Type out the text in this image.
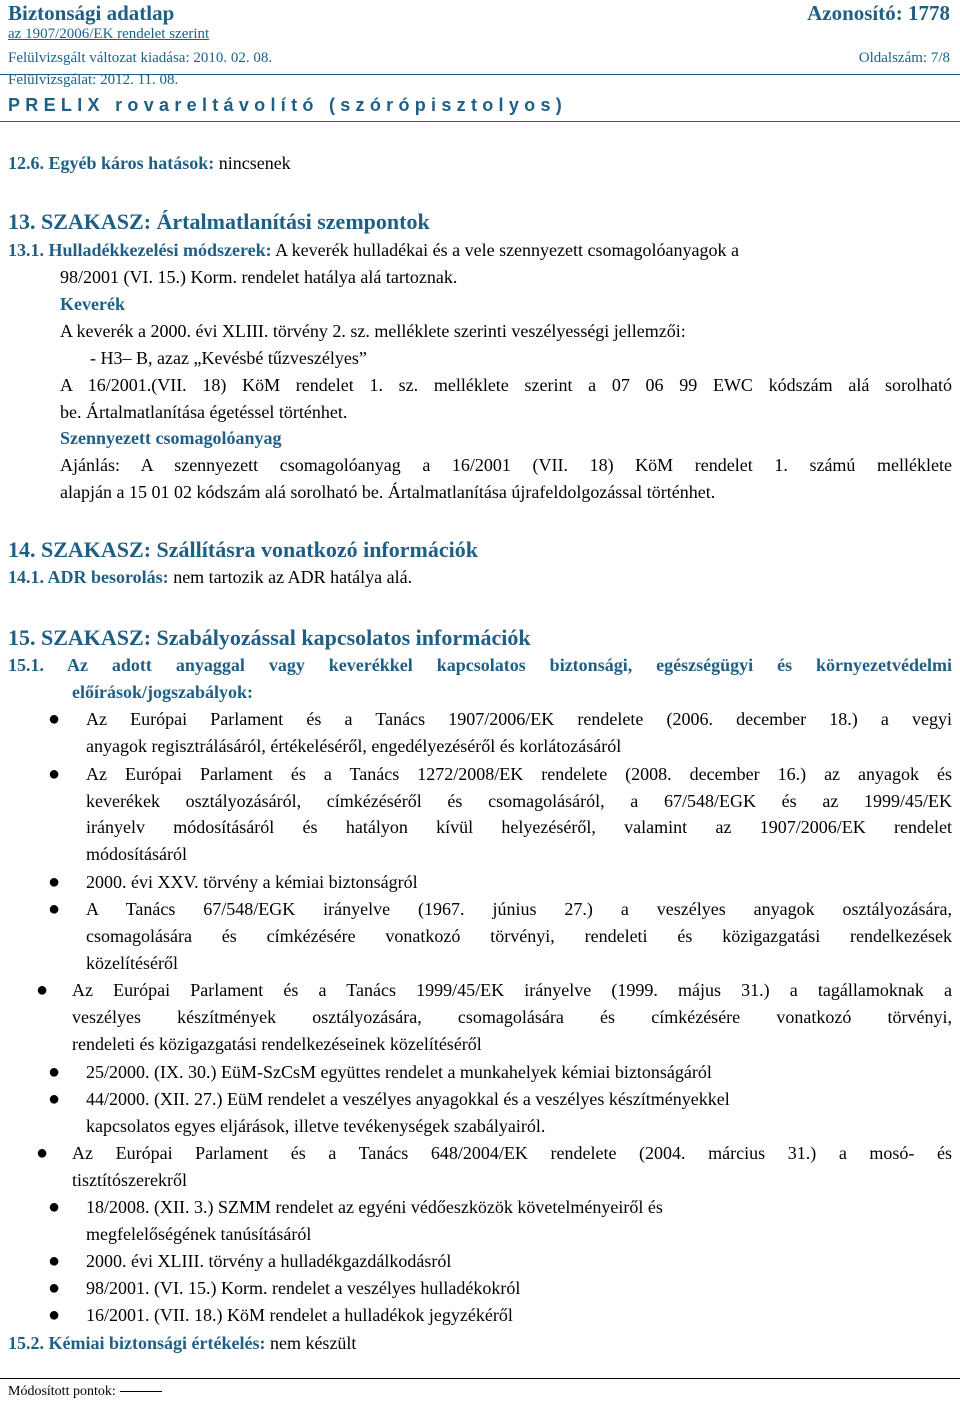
Biztonsági adatlap	Azonosító: 1778
az 1907/2006/EK rendelet szerint
Felülvizsgált változat kiadása: 2010. 02. 08.	Oldalszám: 7/8
Felülvizsgálat: 2012. 11. 08.
PRELIX rovareltávolító (szórópisztolyos)
12.6. Egyéb káros hatások: nincsenek
13. SZAKASZ: Ártalmatlanítási szempontok
13.1. Hulladékkezelési módszerek: A keverék hulladékai és a vele szennyezett csomagolóanyagok a
98/2001 (VI. 15.) Korm. rendelet hatálya alá tartoznak.
Keverék
A keverék a 2000. évi XLIII. törvény 2. sz. melléklete szerinti veszélyességi jellemzői:
- H3– B, azaz „Kevésbé tűzveszélyes”
A 16/2001.(VII. 18) KöM rendelet 1. sz. melléklete szerint a 07 06 99 EWC kódszám alá sorolható
be. Ártalmatlanítása égetéssel történhet.
Szennyezett csomagolóanyag
Ajánlás: A szennyezett csomagolóanyag a 16/2001 (VII. 18) KöM rendelet 1. számú melléklete
alapján a 15 01 02 kódszám alá sorolható be. Ártalmatlanítása újrafeldolgozással történhet.
14. SZAKASZ: Szállításra vonatkozó információk
14.1. ADR besorolás: nem tartozik az ADR hatálya alá.
15. SZAKASZ: Szabályozással kapcsolatos információk
15.1. Az adott anyaggal vagy keverékkel kapcsolatos biztonsági, egészségügyi és környezetvédelmi
előírások/jogszabályok:
● Az Európai Parlament és a Tanács 1907/2006/EK rendelete (2006. december 18.) a vegyi
anyagok regisztrálásáról, értékeléséről, engedélyezéséről és korlátozásáról
● Az Európai Parlament és a Tanács 1272/2008/EK rendelete (2008. december 16.) az anyagok és
keverékek osztályozásáról, címkézéséről és csomagolásáról, a 67/548/EGK és az 1999/45/EK
irányelv módosításáról és hatályon kívül helyezéséről, valamint az 1907/2006/EK rendelet
módosításáról
● 2000. évi XXV. törvény a kémiai biztonságról
● A Tanács 67/548/EGK irányelve (1967. június 27.) a veszélyes anyagok osztályozására,
csomagolására és címkézésére vonatkozó törvényi, rendeleti és közigazgatási rendelkezések
közelítéséről
● Az Európai Parlament és a Tanács 1999/45/EK irányelve (1999. május 31.) a tagállamoknak a
veszélyes készítmények osztályozására, csomagolására és címkézésére vonatkozó törvényi,
rendeleti és közigazgatási rendelkezéseinek közelítéséről
● 25/2000. (IX. 30.) EüM-SzCsM együttes rendelet a munkahelyek kémiai biztonságáról
● 44/2000. (XII. 27.) EüM rendelet a veszélyes anyagokkal és a veszélyes készítményekkel
kapcsolatos egyes eljárások, illetve tevékenységek szabályairól.
● Az Európai Parlament és a Tanács 648/2004/EK rendelete (2004. március 31.) a mosó- és
tisztítószerekről
● 18/2008. (XII. 3.) SZMM rendelet az egyéni védőeszközök követelményeiről és
megfelelőségének tanúsításáról
● 2000. évi XLIII. törvény a hulladékgazdálkodásról
● 98/2001. (VI. 15.) Korm. rendelet a veszélyes hulladékokról
● 16/2001. (VII. 18.) KöM rendelet a hulladékok jegyzékéről
15.2. Kémiai biztonsági értékelés: nem készült
Módosított pontok:
